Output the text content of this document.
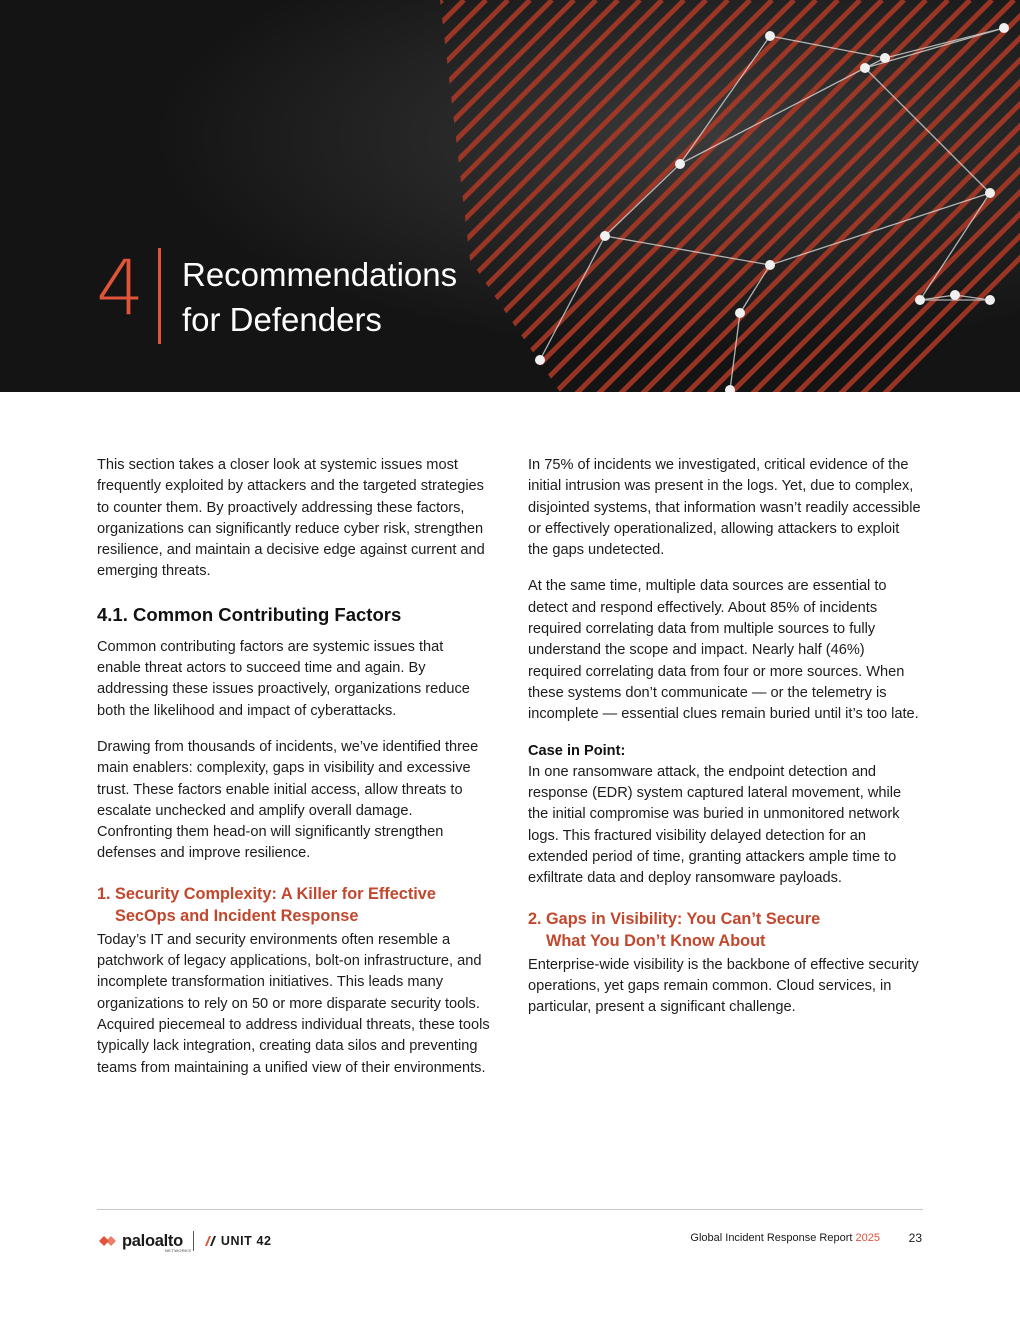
4 Recommendations
for Defenders

This section takes a closer look at systemic issues most frequently exploited by attackers and the targeted strategies to counter them. By proactively addressing these factors, organizations can significantly reduce cyber risk, strengthen resilience, and maintain a decisive edge against current and emerging threats.

4.1. Common Contributing Factors

Common contributing factors are systemic issues that enable threat actors to succeed time and again. By addressing these issues proactively, organizations reduce both the likelihood and impact of cyberattacks.

Drawing from thousands of incidents, we’ve identified three main enablers: complexity, gaps in visibility and excessive trust. These factors enable initial access, allow threats to escalate unchecked and amplify overall damage. Confronting them head-on will significantly strengthen defenses and improve resilience.

1. Security Complexity: A Killer for Effective
SecOps and Incident Response

Today’s IT and security environments often resemble a patchwork of legacy applications, bolt-on infrastructure, and incomplete transformation initiatives. This leads many organizations to rely on 50 or more disparate security tools. Acquired piecemeal to address individual threats, these tools typically lack integration, creating data silos and preventing teams from maintaining a unified view of their environments.

In 75% of incidents we investigated, critical evidence of the initial intrusion was present in the logs. Yet, due to complex, disjointed systems, that information wasn’t readily accessible or effectively operationalized, allowing attackers to exploit the gaps undetected.

At the same time, multiple data sources are essential to detect and respond effectively. About 85% of incidents required correlating data from multiple sources to fully understand the scope and impact. Nearly half (46%) required correlating data from four or more sources. When these systems don’t communicate — or the telemetry is incomplete — essential clues remain buried until it’s too late.

Case in Point:
In one ransomware attack, the endpoint detection and response (EDR) system captured lateral movement, while the initial compromise was buried in unmonitored network logs. This fractured visibility delayed detection for an extended period of time, granting attackers ample time to exfiltrate data and deploy ransomware payloads.

2. Gaps in Visibility: You Can’t Secure
What You Don’t Know About

Enterprise-wide visibility is the backbone of effective security operations, yet gaps remain common. Cloud services, in particular, present a significant challenge.

paloalto
NETWORKS
UNIT 42	Global Incident Response Report 2025 23
